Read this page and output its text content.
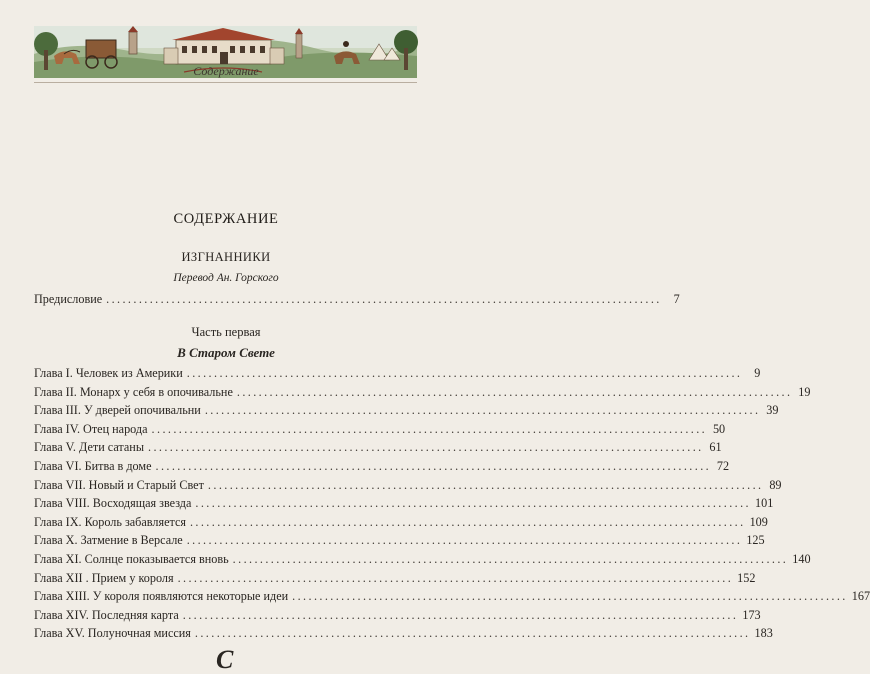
Содержание
СОДЕРЖАНИЕ
ИЗГНАННИКИ
Перевод Ан. Горского
Предисловие ...................................................................................................... 7
Часть первая
В Старом Свете
Глава I. Человек из Америки ...................................................................................................... 9
Глава II. Монарх у себя в опочивальне ...................................................................................................... 19
Глава III. У дверей опочивальни ...................................................................................................... 39
Глава IV. Отец народа ...................................................................................................... 50
Глава V. Дети сатаны ...................................................................................................... 61
Глава VI. Битва в доме ...................................................................................................... 72
Глава VII. Новый и Старый Свет ...................................................................................................... 89
Глава VIII. Восходящая звезда ...................................................................................................... 101
Глава IX. Король забавляется ...................................................................................................... 109
Глава X. Затмение в Версале ...................................................................................................... 125
Глава XI. Солнце показывается вновь ...................................................................................................... 140
Глава XII . Прием у короля ...................................................................................................... 152
Глава XIII. У короля появляются некоторые идеи ...................................................................................................... 167
Глава XIV. Последняя карта ...................................................................................................... 173
Глава XV. Полуночная миссия ...................................................................................................... 183
С
